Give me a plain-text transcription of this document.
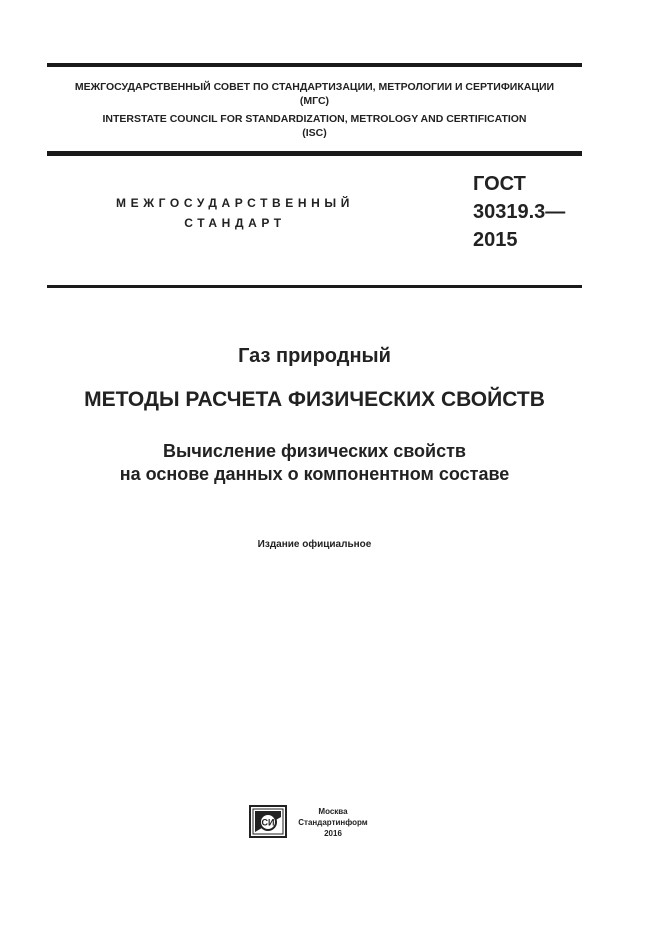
МЕЖГОСУДАРСТВЕННЫЙ СОВЕТ ПО СТАНДАРТИЗАЦИИ, МЕТРОЛОГИИ И СЕРТИФИКАЦИИ
(МГС)
INTERSTATE COUNCIL FOR STANDARDIZATION, METROLOGY AND CERTIFICATION
(ISC)
МЕЖГОСУДАРСТВЕННЫЙ
СТАНДАРТ
ГОСТ
30319.3—
2015
Газ природный
МЕТОДЫ РАСЧЕТА ФИЗИЧЕСКИХ СВОЙСТВ
Вычисление физических свойств
на основе данных о компонентном составе
Издание официальное
СИ
Москва
Стандартинформ
2016
